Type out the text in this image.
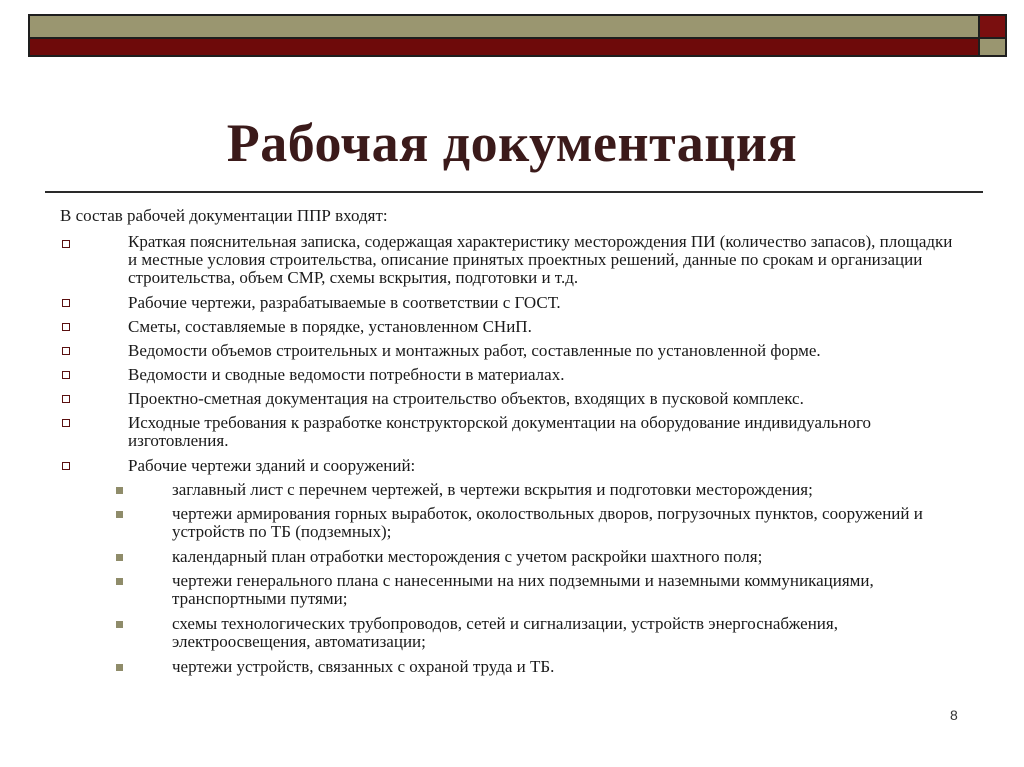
Рабочая документация
В состав рабочей документации ППР входят:
Краткая пояснительная записка, содержащая характеристику месторождения ПИ (количество запасов), площадки и местные условия строительства, описание принятых проектных решений, данные по срокам и организации строительства, объем СМР, схемы вскрытия, подготовки и т.д.
Рабочие чертежи, разрабатываемые в соответствии с ГОСТ.
Сметы, составляемые в порядке, установленном СНиП.
Ведомости объемов строительных и монтажных работ, составленные по установленной форме.
Ведомости и сводные ведомости потребности в материалах.
Проектно-сметная документация на строительство объектов, входящих в пусковой комплекс.
Исходные требования к разработке конструкторской документации на оборудование индивидуального изготовления.
Рабочие чертежи зданий и сооружений:
заглавный лист с перечнем чертежей, в чертежи вскрытия и подготовки месторождения;
чертежи армирования горных выработок, околоствольных дворов, погрузочных пунктов, сооружений и устройств по ТБ (подземных);
календарный план отработки месторождения с учетом раскройки шахтного поля;
чертежи генерального плана с нанесенными на них подземными и наземными коммуникациями, транспортными путями;
схемы технологических трубопроводов, сетей и сигнализации, устройств энергоснабжения, электроосвещения, автоматизации;
чертежи устройств, связанных с охраной труда и ТБ.
8
